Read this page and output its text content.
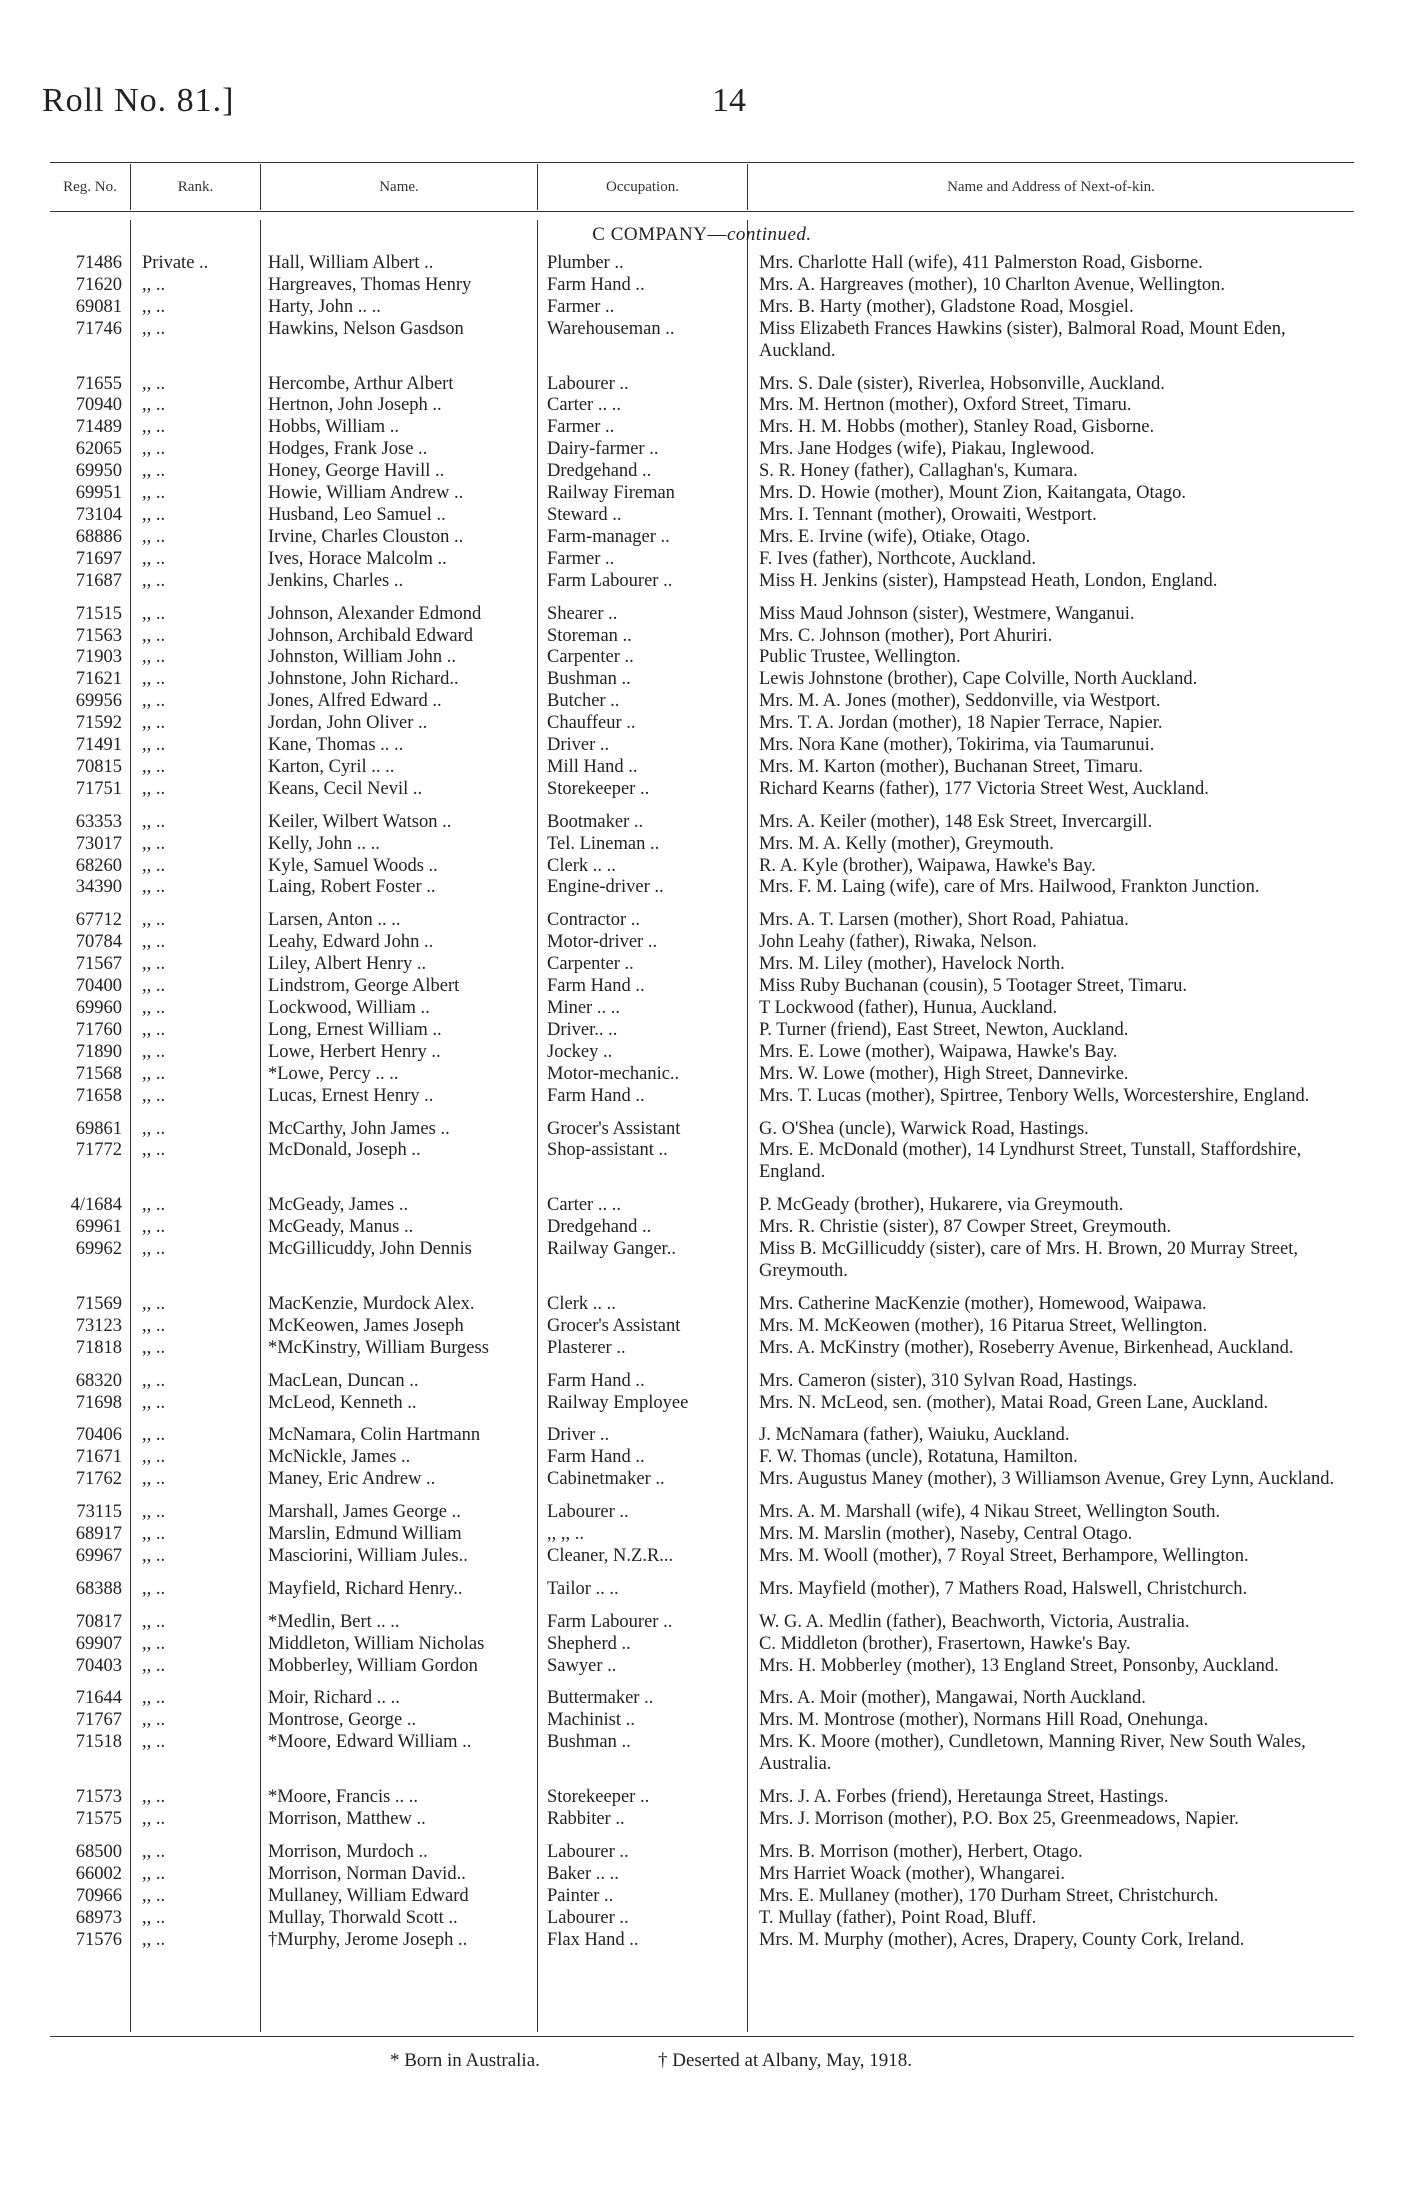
Roll No. 81.]	14
Reg. No.	Rank.	Name.	Occupation.	Name and Address of Next-of-kin.
C COMPANY—continued.
71486	Private ..	Hall, William Albert ..	Plumber ..	Mrs. Charlotte Hall (wife), 411 Palmerston Road, Gisborne.
71620	,, ..	Hargreaves, Thomas Henry	Farm Hand ..	Mrs. A. Hargreaves (mother), 10 Charlton Avenue, Wellington.
69081	,, ..	Harty, John .. ..	Farmer ..	Mrs. B. Harty (mother), Gladstone Road, Mosgiel.
71746	,, ..	Hawkins, Nelson Gasdson	Warehouseman ..	Miss Elizabeth Frances Hawkins (sister), Balmoral Road, Mount Eden, Auckland.
71655	,, ..	Hercombe, Arthur Albert	Labourer ..	Mrs. S. Dale (sister), Riverlea, Hobsonville, Auckland.
70940	,, ..	Hertnon, John Joseph ..	Carter .. ..	Mrs. M. Hertnon (mother), Oxford Street, Timaru.
71489	,, ..	Hobbs, William ..	Farmer ..	Mrs. H. M. Hobbs (mother), Stanley Road, Gisborne.
62065	,, ..	Hodges, Frank Jose ..	Dairy-farmer ..	Mrs. Jane Hodges (wife), Piakau, Inglewood.
69950	,, ..	Honey, George Havill ..	Dredgehand ..	S. R. Honey (father), Callaghan's, Kumara.
69951	,, ..	Howie, William Andrew ..	Railway Fireman	Mrs. D. Howie (mother), Mount Zion, Kaitangata, Otago.
73104	,, ..	Husband, Leo Samuel ..	Steward ..	Mrs. I. Tennant (mother), Orowaiti, Westport.
68886	,, ..	Irvine, Charles Clouston ..	Farm-manager ..	Mrs. E. Irvine (wife), Otiake, Otago.
71697	,, ..	Ives, Horace Malcolm ..	Farmer ..	F. Ives (father), Northcote, Auckland.
71687	,, ..	Jenkins, Charles ..	Farm Labourer ..	Miss H. Jenkins (sister), Hampstead Heath, London, England.
71515	,, ..	Johnson, Alexander Edmond	Shearer ..	Miss Maud Johnson (sister), Westmere, Wanganui.
71563	,, ..	Johnson, Archibald Edward	Storeman ..	Mrs. C. Johnson (mother), Port Ahuriri.
71903	,, ..	Johnston, William John ..	Carpenter ..	Public Trustee, Wellington.
71621	,, ..	Johnstone, John Richard..	Bushman ..	Lewis Johnstone (brother), Cape Colville, North Auckland.
69956	,, ..	Jones, Alfred Edward ..	Butcher ..	Mrs. M. A. Jones (mother), Seddonville, via Westport.
71592	,, ..	Jordan, John Oliver ..	Chauffeur ..	Mrs. T. A. Jordan (mother), 18 Napier Terrace, Napier.
71491	,, ..	Kane, Thomas .. ..	Driver ..	Mrs. Nora Kane (mother), Tokirima, via Taumarunui.
70815	,, ..	Karton, Cyril .. ..	Mill Hand ..	Mrs. M. Karton (mother), Buchanan Street, Timaru.
71751	,, ..	Keans, Cecil Nevil ..	Storekeeper ..	Richard Kearns (father), 177 Victoria Street West, Auckland.
63353	,, ..	Keiler, Wilbert Watson ..	Bootmaker ..	Mrs. A. Keiler (mother), 148 Esk Street, Invercargill.
73017	,, ..	Kelly, John .. ..	Tel. Lineman ..	Mrs. M. A. Kelly (mother), Greymouth.
68260	,, ..	Kyle, Samuel Woods ..	Clerk .. ..	R. A. Kyle (brother), Waipawa, Hawke's Bay.
34390	,, ..	Laing, Robert Foster ..	Engine-driver ..	Mrs. F. M. Laing (wife), care of Mrs. Hailwood, Frankton Junction.
67712	,, ..	Larsen, Anton .. ..	Contractor ..	Mrs. A. T. Larsen (mother), Short Road, Pahiatua.
70784	,, ..	Leahy, Edward John ..	Motor-driver ..	John Leahy (father), Riwaka, Nelson.
71567	,, ..	Liley, Albert Henry ..	Carpenter ..	Mrs. M. Liley (mother), Havelock North.
70400	,, ..	Lindstrom, George Albert	Farm Hand ..	Miss Ruby Buchanan (cousin), 5 Tootager Street, Timaru.
69960	,, ..	Lockwood, William ..	Miner .. ..	T Lockwood (father), Hunua, Auckland.
71760	,, ..	Long, Ernest William ..	Driver.. ..	P. Turner (friend), East Street, Newton, Auckland.
71890	,, ..	Lowe, Herbert Henry ..	Jockey ..	Mrs. E. Lowe (mother), Waipawa, Hawke's Bay.
71568	,, ..	*Lowe, Percy .. ..	Motor-mechanic..	Mrs. W. Lowe (mother), High Street, Dannevirke.
71658	,, ..	Lucas, Ernest Henry ..	Farm Hand ..	Mrs. T. Lucas (mother), Spirtree, Tenbory Wells, Worcestershire, England.
69861	,, ..	McCarthy, John James ..	Grocer's Assistant	G. O'Shea (uncle), Warwick Road, Hastings.
71772	,, ..	McDonald, Joseph ..	Shop-assistant ..	Mrs. E. McDonald (mother), 14 Lyndhurst Street, Tunstall, Staffordshire, England.
4/1684	,, ..	McGeady, James ..	Carter .. ..	P. McGeady (brother), Hukarere, via Greymouth.
69961	,, ..	McGeady, Manus ..	Dredgehand ..	Mrs. R. Christie (sister), 87 Cowper Street, Greymouth.
69962	,, ..	McGillicuddy, John Dennis	Railway Ganger..	Miss B. McGillicuddy (sister), care of Mrs. H. Brown, 20 Murray Street, Greymouth.
71569	,, ..	MacKenzie, Murdock Alex.	Clerk .. ..	Mrs. Catherine MacKenzie (mother), Homewood, Waipawa.
73123	,, ..	McKeowen, James Joseph	Grocer's Assistant	Mrs. M. McKeowen (mother), 16 Pitarua Street, Wellington.
71818	,, ..	*McKinstry, William Burgess	Plasterer ..	Mrs. A. McKinstry (mother), Roseberry Avenue, Birkenhead, Auckland.
68320	,, ..	MacLean, Duncan ..	Farm Hand ..	Mrs. Cameron (sister), 310 Sylvan Road, Hastings.
71698	,, ..	McLeod, Kenneth ..	Railway Employee	Mrs. N. McLeod, sen. (mother), Matai Road, Green Lane, Auckland.
70406	,, ..	McNamara, Colin Hartmann	Driver ..	J. McNamara (father), Waiuku, Auckland.
71671	,, ..	McNickle, James ..	Farm Hand ..	F. W. Thomas (uncle), Rotatuna, Hamilton.
71762	,, ..	Maney, Eric Andrew ..	Cabinetmaker ..	Mrs. Augustus Maney (mother), 3 Williamson Avenue, Grey Lynn, Auckland.
73115	,, ..	Marshall, James George ..	Labourer ..	Mrs. A. M. Marshall (wife), 4 Nikau Street, Wellington South.
68917	,, ..	Marslin, Edmund William	,, ,, ..	Mrs. M. Marslin (mother), Naseby, Central Otago.
69967	,, ..	Masciorini, William Jules..	Cleaner, N.Z.R...	Mrs. M. Wooll (mother), 7 Royal Street, Berhampore, Wellington.
68388	,, ..	Mayfield, Richard Henry..	Tailor .. ..	Mrs. Mayfield (mother), 7 Mathers Road, Halswell, Christchurch.
70817	,, ..	*Medlin, Bert .. ..	Farm Labourer ..	W. G. A. Medlin (father), Beachworth, Victoria, Australia.
69907	,, ..	Middleton, William Nicholas	Shepherd ..	C. Middleton (brother), Frasertown, Hawke's Bay.
70403	,, ..	Mobberley, William Gordon	Sawyer ..	Mrs. H. Mobberley (mother), 13 England Street, Ponsonby, Auckland.
71644	,, ..	Moir, Richard .. ..	Buttermaker ..	Mrs. A. Moir (mother), Mangawai, North Auckland.
71767	,, ..	Montrose, George ..	Machinist ..	Mrs. M. Montrose (mother), Normans Hill Road, Onehunga.
71518	,, ..	*Moore, Edward William ..	Bushman ..	Mrs. K. Moore (mother), Cundletown, Manning River, New South Wales, Australia.
71573	,, ..	*Moore, Francis .. ..	Storekeeper ..	Mrs. J. A. Forbes (friend), Heretaunga Street, Hastings.
71575	,, ..	Morrison, Matthew ..	Rabbiter ..	Mrs. J. Morrison (mother), P.O. Box 25, Greenmeadows, Napier.
68500	,, ..	Morrison, Murdoch ..	Labourer ..	Mrs. B. Morrison (mother), Herbert, Otago.
66002	,, ..	Morrison, Norman David..	Baker .. ..	Mrs Harriet Woack (mother), Whangarei.
70966	,, ..	Mullaney, William Edward	Painter ..	Mrs. E. Mullaney (mother), 170 Durham Street, Christchurch.
68973	,, ..	Mullay, Thorwald Scott ..	Labourer ..	T. Mullay (father), Point Road, Bluff.
71576	,, ..	†Murphy, Jerome Joseph ..	Flax Hand ..	Mrs. M. Murphy (mother), Acres, Drapery, County Cork, Ireland.
* Born in Australia.	† Deserted at Albany, May, 1918.
